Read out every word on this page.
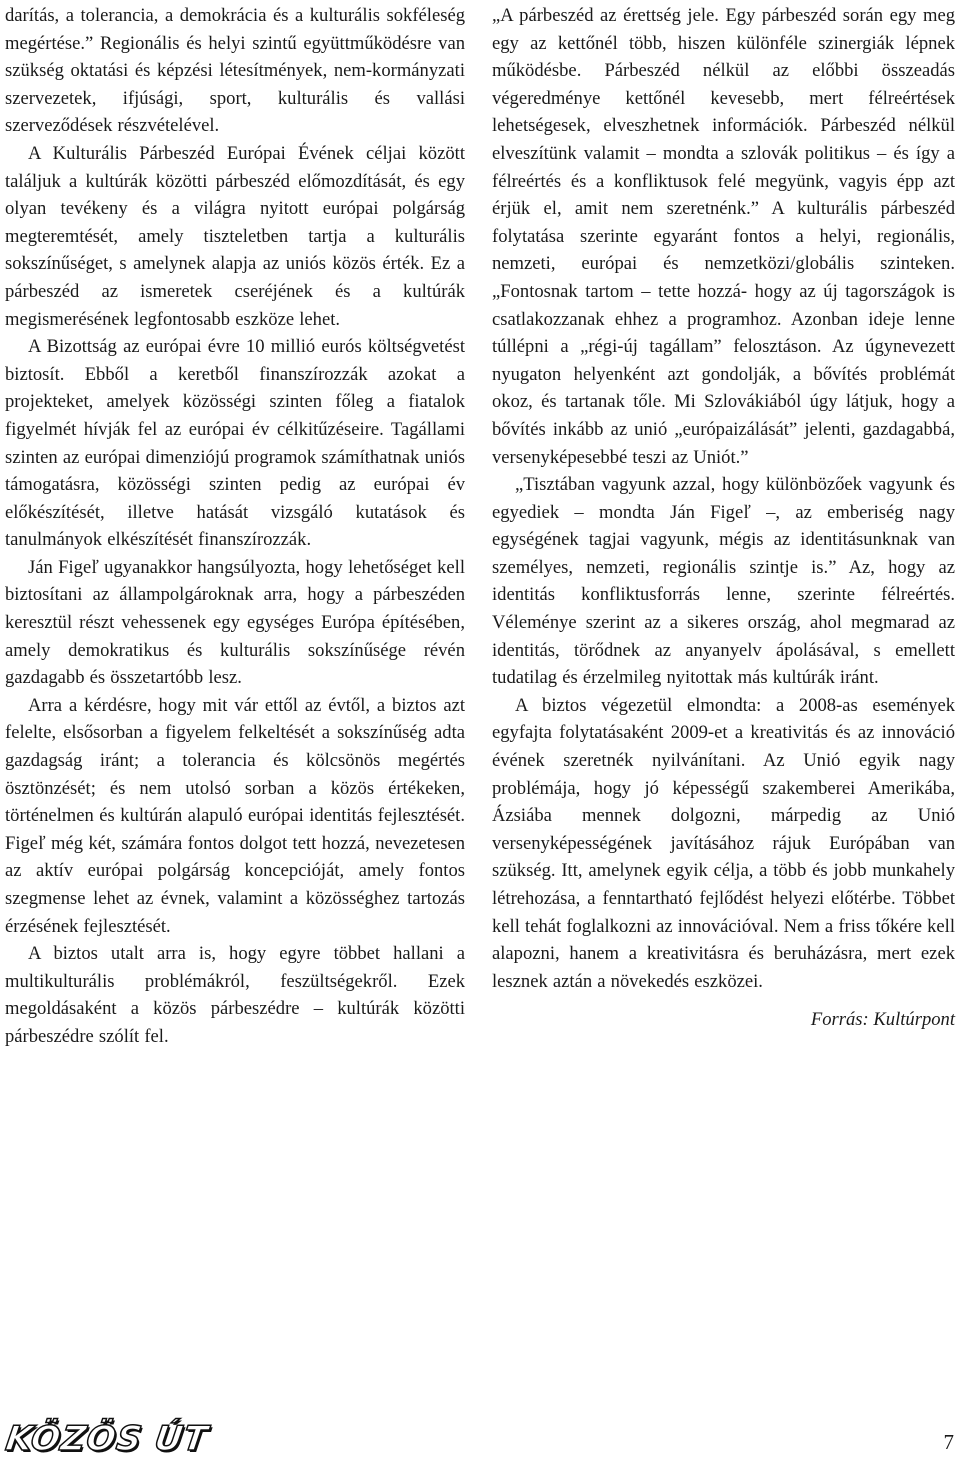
darítás, a tolerancia, a demokrácia és a kulturális sokféleség megértése.” Regionális és helyi szintű együttműködésre van szükség oktatási és képzési létesítmények, nem-kormányzati szervezetek, ifjúsági, sport, kulturális és vallási szerveződések részvételével.

A Kulturális Párbeszéd Európai Évének céljai között találjuk a kultúrák közötti párbeszéd előmozdítását, és egy olyan tevékeny és a világra nyitott európai polgárság megteremtését, amely tiszteletben tartja a kulturális sokszínűséget, s amelynek alapja az uniós közös érték. Ez a párbeszéd az ismeretek cseréjének és a kultúrák megismerésének legfontosabb eszköze lehet.

A Bizottság az európai évre 10 millió eurós költségvetést biztosít. Ebből a keretből finanszírozzák azokat a projekteket, amelyek közösségi szinten főleg a fiatalok figyelmét hívják fel az európai év célkitűzéseire. Tagállami szinten az európai dimenziójú programok számíthatnak uniós támogatásra, közösségi szinten pedig az európai év előkészítését, illetve hatását vizsgáló kutatások és tanulmányok elkészítését finanszírozzák.

Ján Figeľ ugyanakkor hangsúlyozta, hogy lehetőséget kell biztosítani az állampolgároknak arra, hogy a párbeszéden keresztül részt vehessenek egy egységes Európa építésében, amely demokratikus és kulturális sokszínűsége révén gazdagabb és összetartóbb lesz.

Arra a kérdésre, hogy mit vár ettől az évtől, a biztos azt felelte, elsősorban a figyelem felkeltését a sokszínűség adta gazdagság iránt; a tolerancia és kölcsönös megértés ösztönzését; és nem utolsó sorban a közös értékeken, történelmen és kultúrán alapuló európai identitás fejlesztését. Figeľ még két, számára fontos dolgot tett hozzá, nevezetesen az aktív európai polgárság koncepcióját, amely fontos szegmense lehet az évnek, valamint a közösséghez tartozás érzésének fejlesztését.

A biztos utalt arra is, hogy egyre többet hallani a multikulturális problémákról, feszültségekről. Ezek megoldásaként a közös párbeszédre – kultúrák közötti párbeszédre szólít fel.

„A párbeszéd az érettség jele. Egy párbeszéd során egy meg egy az kettőnél több, hiszen különféle szinergiák lépnek működésbe. Párbeszéd nélkül az előbbi összeadás végeredménye kettőnél kevesebb, mert félreértések lehetségesek, elveszhetnek információk. Párbeszéd nélkül elveszítünk valamit – mondta a szlovák politikus – és így a félreértés és a konfliktusok felé megyünk, vagyis épp azt érjük el, amit nem szeretnénk.” A kulturális párbeszéd folytatása szerinte egyaránt fontos a helyi, regionális, nemzeti, európai és nemzetközi/globális szinteken. „Fontosnak tartom – tette hozzá- hogy az új tagországok is csatlakozzanak ehhez a programhoz. Azonban ideje lenne túllépni a „régi-új tagállam” felosztáson. Az úgynevezett nyugaton helyenként azt gondolják, a bővítés problémát okoz, és tartanak tőle. Mi Szlovákiából úgy látjuk, hogy a bővítés inkább az unió „európaizálását” jelenti, gazdagabbá, versenyképesebbé teszi az Uniót.”

„Tisztában vagyunk azzal, hogy különbözőek vagyunk és egyediek – mondta Ján Figeľ –, az emberiség nagy egységének tagjai vagyunk, mégis az identitásunknak van személyes, nemzeti, regionális szintje is.” Az, hogy az identitás konfliktusforrás lenne, szerinte félreértés. Véleménye szerint az a sikeres ország, ahol megmarad az identitás, törődnek az anyanyelv ápolásával, s emellett tudatilag és érzelmileg nyitottak más kultúrák iránt.

A biztos végezetül elmondta: a 2008-as események egyfajta folytatásaként 2009-et a kreativitás és az innováció évének szeretnék nyilvánítani. Az Unió egyik nagy problémája, hogy jó képességű szakemberei Amerikába, Ázsiába mennek dolgozni, márpedig az Unió versenyképességének javításához rájuk Európában van szükség. Itt, amelynek egyik célja, a több és jobb munkahely létrehozása, a fenntartható fejlődést helyezi előtérbe. Többet kell tehát foglalkozni az innovációval. Nem a friss tőkére kell alapozni, hanem a kreativitásra és beruházásra, mert ezek lesznek aztán a növekedés eszközei.

Forrás: Kultúrpont
KÖZÖS ÚT	7
